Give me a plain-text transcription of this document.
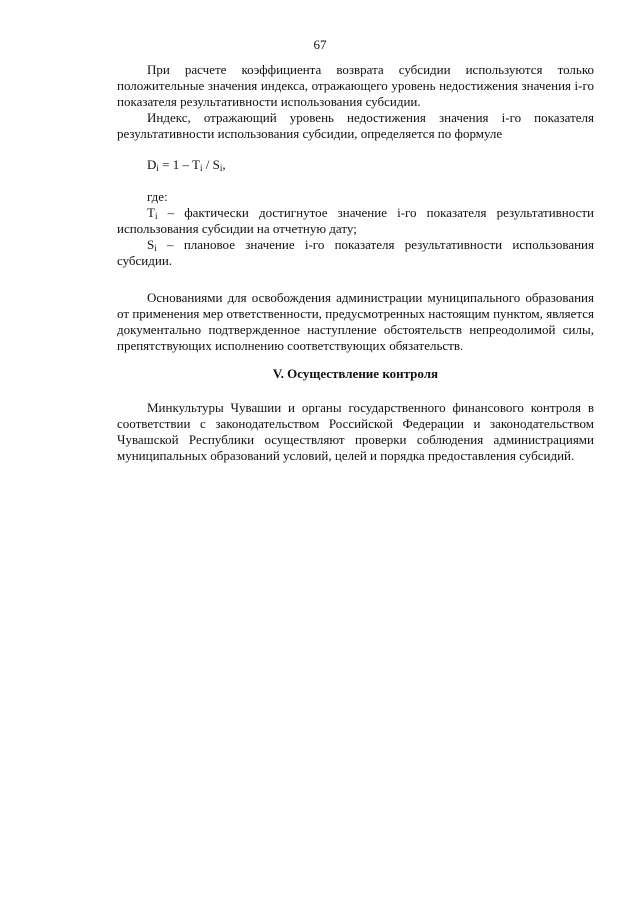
67

При расчете коэффициента возврата субсидии используются только положительные значения индекса, отражающего уровень недостижения значения i-го показателя результативности использования субсидии.

Индекс, отражающий уровень недостижения значения i-го показателя результативности использования субсидии, определяется по формуле

$D_i = 1 - T_i / S_i$,

где:

$T_i$ – фактически достигнутое значение i-го показателя результативности использования субсидии на отчетную дату;

$S_i$ – плановое значение i-го показателя результативности использования субсидии.

Основаниями для освобождения администрации муниципального образования от применения мер ответственности, предусмотренных настоящим пунктом, является документально подтвержденное наступление обстоятельств непреодолимой силы, препятствующих исполнению соответствующих обязательств.

V. Осуществление контроля

Минкультуры Чувашии и органы государственного финансового контроля в соответствии с законодательством Российской Федерации и законодательством Чувашской Республики осуществляют проверки соблюдения администрациями муниципальных образований условий, целей и порядка предоставления субсидий.
